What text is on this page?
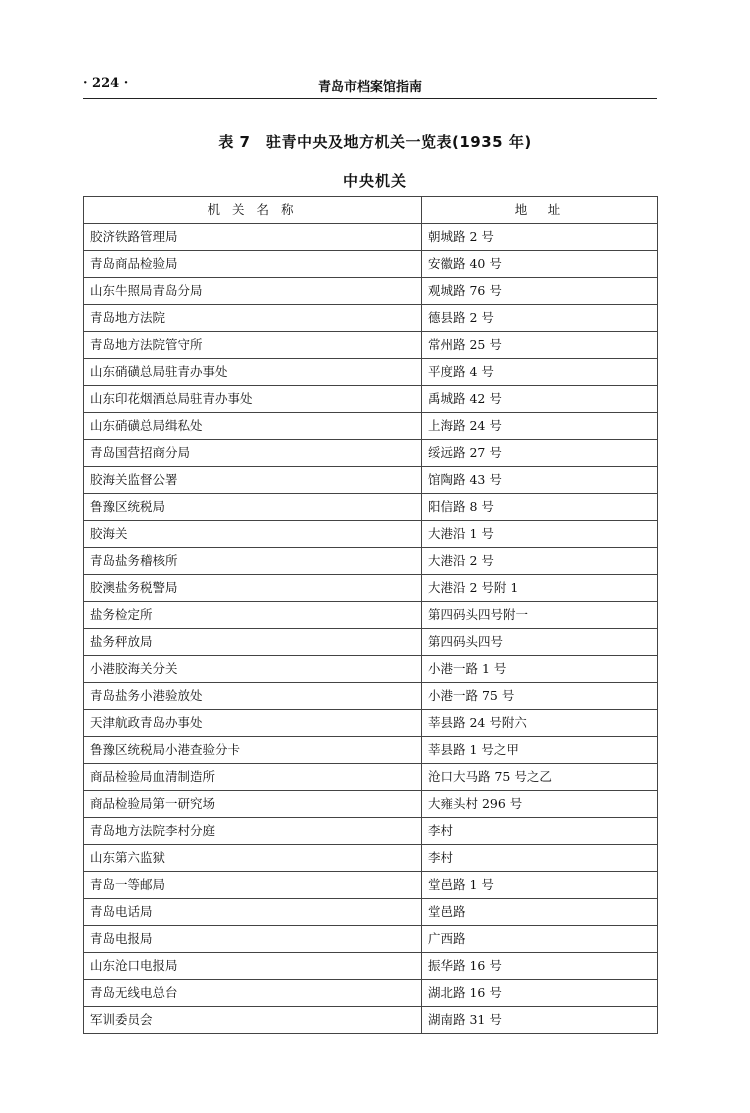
· 224 ·	青岛市档案馆指南
表 7　驻青中央及地方机关一览表(1935 年)
中央机关
机 关 名 称	地　址
胶济铁路管理局	朝城路 2 号
青岛商品检验局	安徽路 40 号
山东牛照局青岛分局	观城路 76 号
青岛地方法院	德县路 2 号
青岛地方法院管守所	常州路 25 号
山东硝磺总局驻青办事处	平度路 4 号
山东印花烟酒总局驻青办事处	禹城路 42 号
山东硝磺总局缉私处	上海路 24 号
青岛国营招商分局	绥远路 27 号
胶海关监督公署	馆陶路 43 号
鲁豫区统税局	阳信路 8 号
胶海关	大港沿 1 号
青岛盐务稽核所	大港沿 2 号
胶澳盐务税警局	大港沿 2 号附 1
盐务检定所	第四码头四号附一
盐务秤放局	第四码头四号
小港胶海关分关	小港一路 1 号
青岛盐务小港验放处	小港一路 75 号
天津航政青岛办事处	莘县路 24 号附六
鲁豫区统税局小港查验分卡	莘县路 1 号之甲
商品检验局血清制造所	沧口大马路 75 号之乙
商品检验局第一研究场	大雍头村 296 号
青岛地方法院李村分庭	李村
山东第六监狱	李村
青岛一等邮局	堂邑路 1 号
青岛电话局	堂邑路
青岛电报局	广西路
山东沧口电报局	振华路 16 号
青岛无线电总台	湖北路 16 号
军训委员会	湖南路 31 号
